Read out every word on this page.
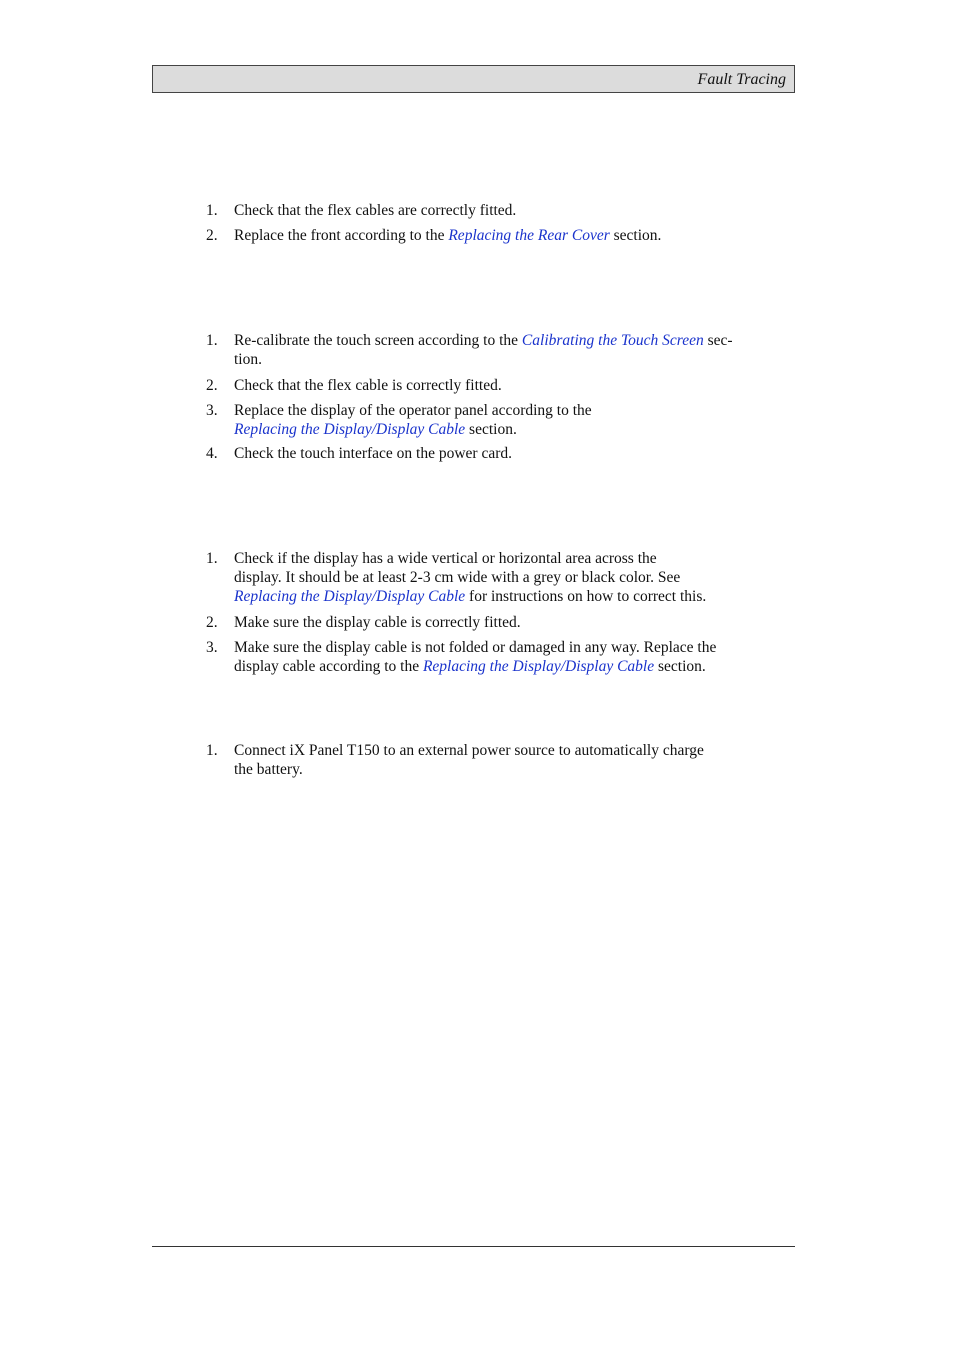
Fault Tracing
1.	Check that the flex cables are correctly fitted.
2.	Replace the front according to the Replacing the Rear Cover section.
1.	Re-calibrate the touch screen according to the Calibrating the Touch Screen sec-
tion.
2.	Check that the flex cable is correctly fitted.
3.	Replace the display of the operator panel according to the
Replacing the Display/Display Cable section.
4.	Check the touch interface on the power card.
1.	Check if the display has a wide vertical or horizontal area across the
display. It should be at least 2-3 cm wide with a grey or black color. See
Replacing the Display/Display Cable for instructions on how to correct this.
2.	Make sure the display cable is correctly fitted.
3.	Make sure the display cable is not folded or damaged in any way. Replace the
display cable according to the Replacing the Display/Display Cable section.
1.	Connect iX Panel T150 to an external power source to automatically charge
the battery.
